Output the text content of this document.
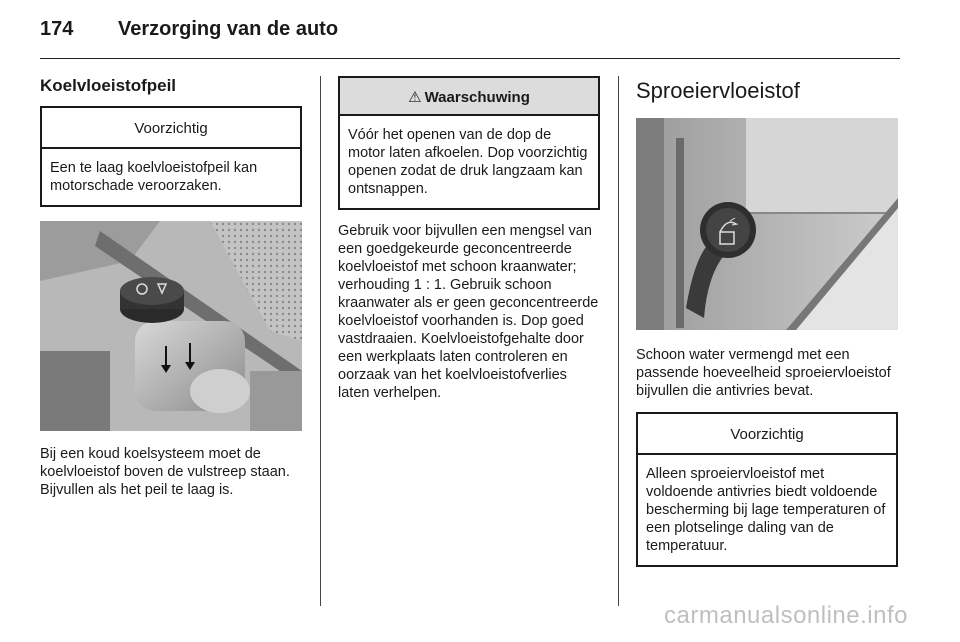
174	Verzorging van de auto
Koelvloeistofpeil
Voorzichtig
Een te laag koelvloeistofpeil kan motorschade veroorzaken.

Bij een koud koelsysteem moet de koelvloeistof boven de vulstreep staan. Bijvullen als het peil te laag is.

⚠ Waarschuwing
Vóór het openen van de dop de motor laten afkoelen. Dop voorzichtig openen zodat de druk langzaam kan ontsnappen.

Gebruik voor bijvullen een mengsel van een goedgekeurde geconcentreerde koelvloeistof met schoon kraanwater; verhouding 1 : 1. Gebruik schoon kraanwater als er geen geconcentreerde koelvloeistof voorhanden is. Dop goed vastdraaien. Koelvloeistofgehalte door een werkplaats laten controleren en oorzaak van het koelvloeistofverlies laten verhelpen.

Sproeiervloeistof

Schoon water vermengd met een passende hoeveelheid sproeiervloeistof bijvullen die antivries bevat.

Voorzichtig
Alleen sproeiervloeistof met voldoende antivries biedt voldoende bescherming bij lage temperaturen of een plotselinge daling van de temperatuur.
carmanualsonline.info
